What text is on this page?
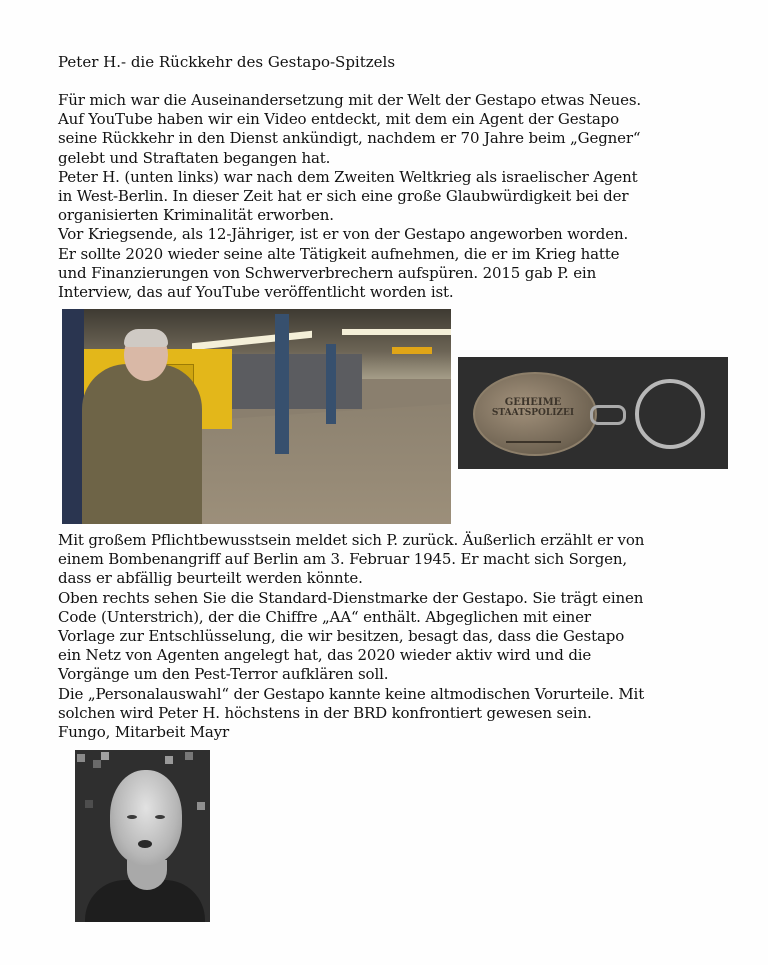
Peter H.- die Rückkehr des Gestapo-Spitzels
Für mich war die Auseinandersetzung mit der Welt der Gestapo etwas Neues.
Auf YouTube haben wir ein Video entdeckt, mit dem ein Agent der Gestapo
seine Rückkehr in den Dienst ankündigt, nachdem er 70 Jahre beim „Gegner“
gelebt und Straftaten begangen hat.
Peter H. (unten links) war nach dem Zweiten Weltkrieg als israelischer Agent
in West-Berlin. In dieser Zeit hat er sich eine große Glaubwürdigkeit bei der
organisierten Kriminalität erworben.
Vor Kriegsende, als 12-Jähriger, ist er von der Gestapo angeworben worden.
Er sollte 2020 wieder seine alte Tätigkeit aufnehmen, die er im Krieg hatte
und Finanzierungen von Schwerverbrechern aufspüren. 2015 gab P. ein
Interview, das auf YouTube veröffentlicht worden ist.
GEHEIME
STAATSPOLIZEI
Mit großem Pflichtbewusstsein meldet sich P. zurück. Äußerlich erzählt er von
einem Bombenangriff auf Berlin am 3. Februar 1945. Er macht sich Sorgen,
dass er abfällig beurteilt werden könnte.
Oben rechts sehen Sie die Standard-Dienstmarke der Gestapo. Sie trägt einen
Code (Unterstrich), der die Chiffre „AA“ enthält. Abgeglichen mit einer
Vorlage zur Entschlüsselung, die wir besitzen, besagt das, dass die Gestapo
ein Netz von Agenten angelegt hat, das 2020 wieder aktiv wird und die
Vorgänge um den Pest-Terror aufklären soll.
Die „Personalauswahl“ der Gestapo kannte keine altmodischen Vorurteile. Mit
solchen wird Peter H. höchstens in der BRD konfrontiert gewesen sein.
Fungo, Mitarbeit Mayr
